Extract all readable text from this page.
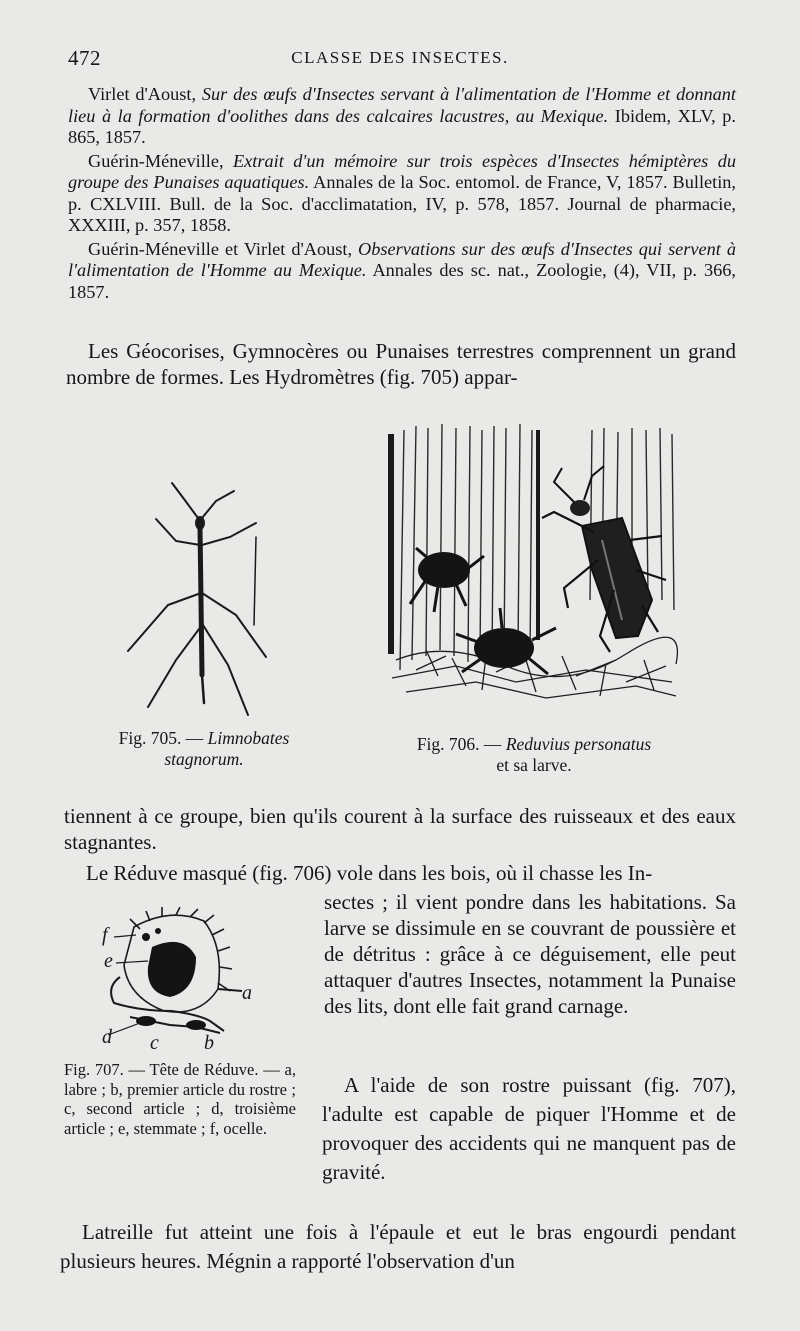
472	CLASSE DES INSECTES.

Virlet d'Aoust, Sur des œufs d'Insectes servant à l'alimentation de l'Homme et donnant lieu à la formation d'oolithes dans des calcaires lacustres, au Mexique. Ibidem, XLV, p. 865, 1857.

Guérin-Méneville, Extrait d'un mémoire sur trois espèces d'Insectes hémiptères du groupe des Punaises aquatiques. Annales de la Soc. entomol. de France, V, 1857. Bulletin, p. CXLVIII. Bull. de la Soc. d'acclimatation, IV, p. 578, 1857. Journal de pharmacie, XXXIII, p. 357, 1858.

Guérin-Méneville et Virlet d'Aoust, Observations sur des œufs d'Insectes qui servent à l'alimentation de l'Homme au Mexique. Annales des sc. nat., Zoologie, (4), VII, p. 366, 1857.

Les Géocorises, Gymnocères ou Punaises terrestres comprennent un grand nombre de formes. Les Hydromètres (fig. 705) appar-

Fig. 705. — Limnobates
stagnorum.
Fig. 706. — Reduvius personatus
et sa larve.

tiennent à ce groupe, bien qu'ils courent à la surface des ruisseaux et des eaux stagnantes.

Le Réduve masqué (fig. 706) vole dans les bois, où il chasse les In-

f
e
a
d c b

sectes ; il vient pondre dans les habitations. Sa larve se dissimule en se couvrant de poussière et de détritus : grâce à ce déguisement, elle peut attaquer d'autres Insectes, notamment la Punaise des lits, dont elle fait grand carnage.

Fig. 707. — Tête de Réduve. — a, labre ; b, premier article du rostre ; c, second article ; d, troisième article ; e, stemmate ; f, ocelle.

A l'aide de son rostre puissant (fig. 707), l'adulte est capable de piquer l'Homme et de provoquer des accidents qui ne manquent pas de gravité.

Latreille fut atteint une fois à l'épaule et eut le bras engourdi pendant plusieurs heures. Mégnin a rapporté l'observation d'un
